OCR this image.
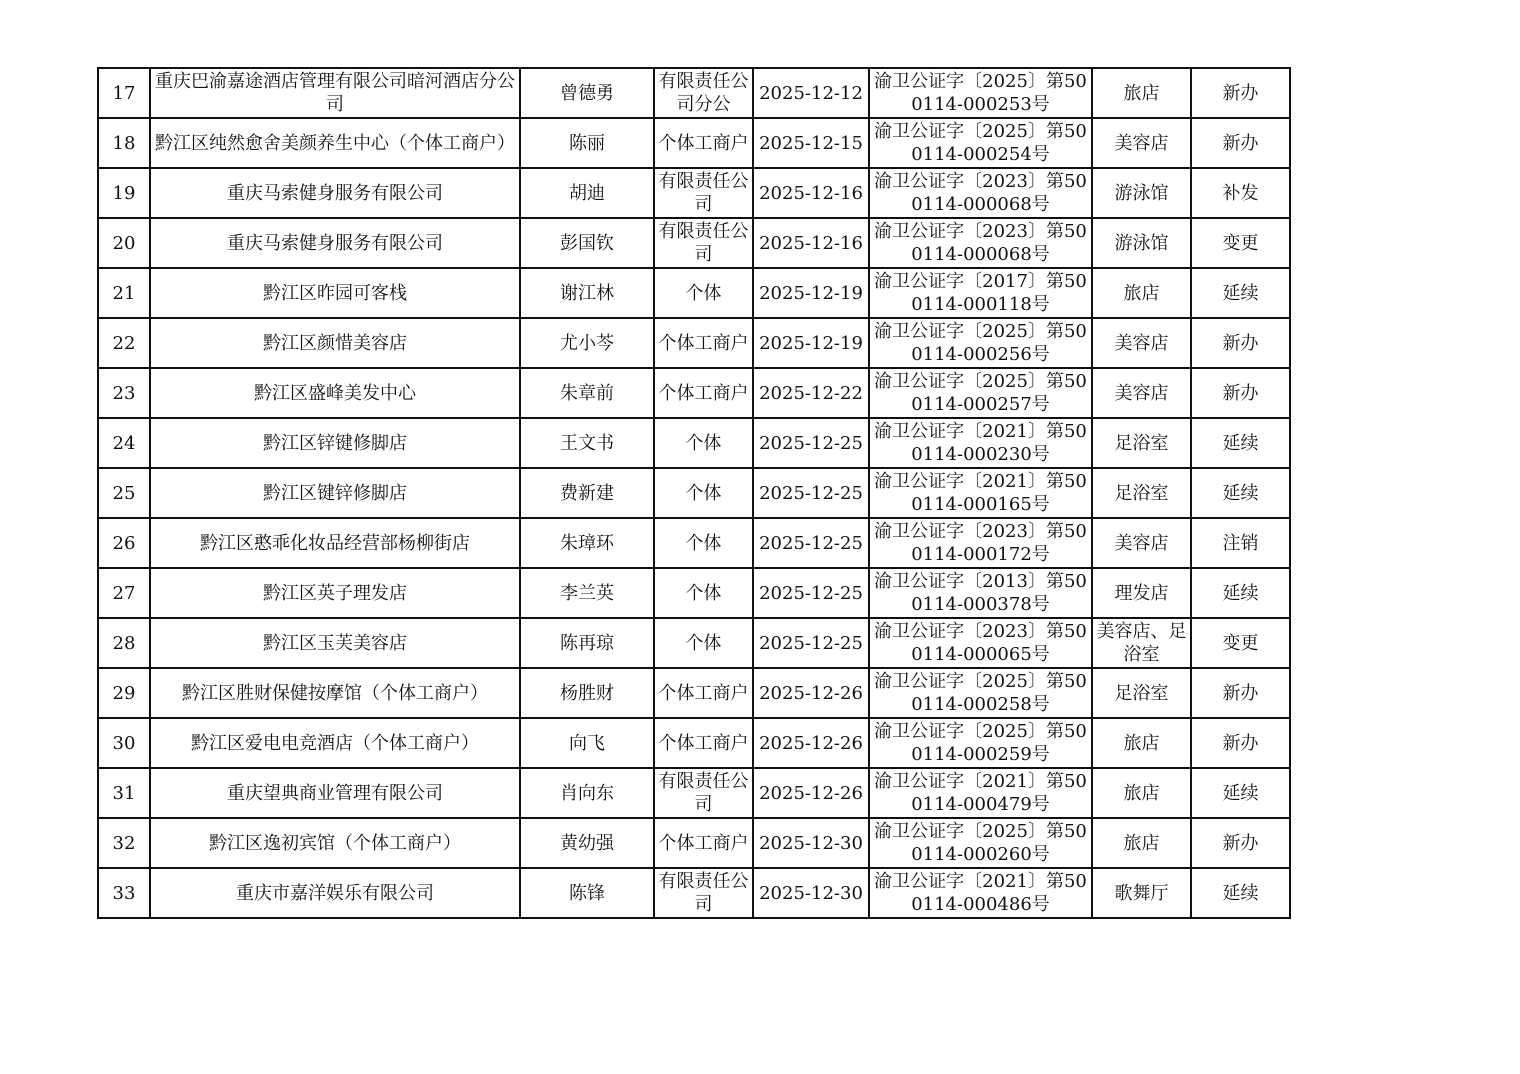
17	重庆巴渝嘉途酒店管理有限公司暗河酒店分公司	曾德勇	有限责任公司分公	2025-12-12	渝卫公证字〔2025〕第500114-000253号	旅店	新办
18	黔江区纯然愈舍美颜养生中心（个体工商户）	陈丽	个体工商户	2025-12-15	渝卫公证字〔2025〕第500114-000254号	美容店	新办
19	重庆马索健身服务有限公司	胡迪	有限责任公司	2025-12-16	渝卫公证字〔2023〕第500114-000068号	游泳馆	补发
20	重庆马索健身服务有限公司	彭国钦	有限责任公司	2025-12-16	渝卫公证字〔2023〕第500114-000068号	游泳馆	变更
21	黔江区昨园可客栈	谢江林	个体	2025-12-19	渝卫公证字〔2017〕第500114-000118号	旅店	延续
22	黔江区颜惜美容店	尤小芩	个体工商户	2025-12-19	渝卫公证字〔2025〕第500114-000256号	美容店	新办
23	黔江区盛峰美发中心	朱章前	个体工商户	2025-12-22	渝卫公证字〔2025〕第500114-000257号	美容店	新办
24	黔江区锌键修脚店	王文书	个体	2025-12-25	渝卫公证字〔2021〕第500114-000230号	足浴室	延续
25	黔江区键锌修脚店	费新建	个体	2025-12-25	渝卫公证字〔2021〕第500114-000165号	足浴室	延续
26	黔江区憨乖化妆品经营部杨柳街店	朱璋环	个体	2025-12-25	渝卫公证字〔2023〕第500114-000172号	美容店	注销
27	黔江区英子理发店	李兰英	个体	2025-12-25	渝卫公证字〔2013〕第500114-000378号	理发店	延续
28	黔江区玉芙美容店	陈再琼	个体	2025-12-25	渝卫公证字〔2023〕第500114-000065号	美容店、足浴室	变更
29	黔江区胜财保健按摩馆（个体工商户）	杨胜财	个体工商户	2025-12-26	渝卫公证字〔2025〕第500114-000258号	足浴室	新办
30	黔江区爱电电竞酒店（个体工商户）	向飞	个体工商户	2025-12-26	渝卫公证字〔2025〕第500114-000259号	旅店	新办
31	重庆望典商业管理有限公司	肖向东	有限责任公司	2025-12-26	渝卫公证字〔2021〕第500114-000479号	旅店	延续
32	黔江区逸初宾馆（个体工商户）	黄幼强	个体工商户	2025-12-30	渝卫公证字〔2025〕第500114-000260号	旅店	新办
33	重庆市嘉洋娱乐有限公司	陈锋	有限责任公司	2025-12-30	渝卫公证字〔2021〕第500114-000486号	歌舞厅	延续
